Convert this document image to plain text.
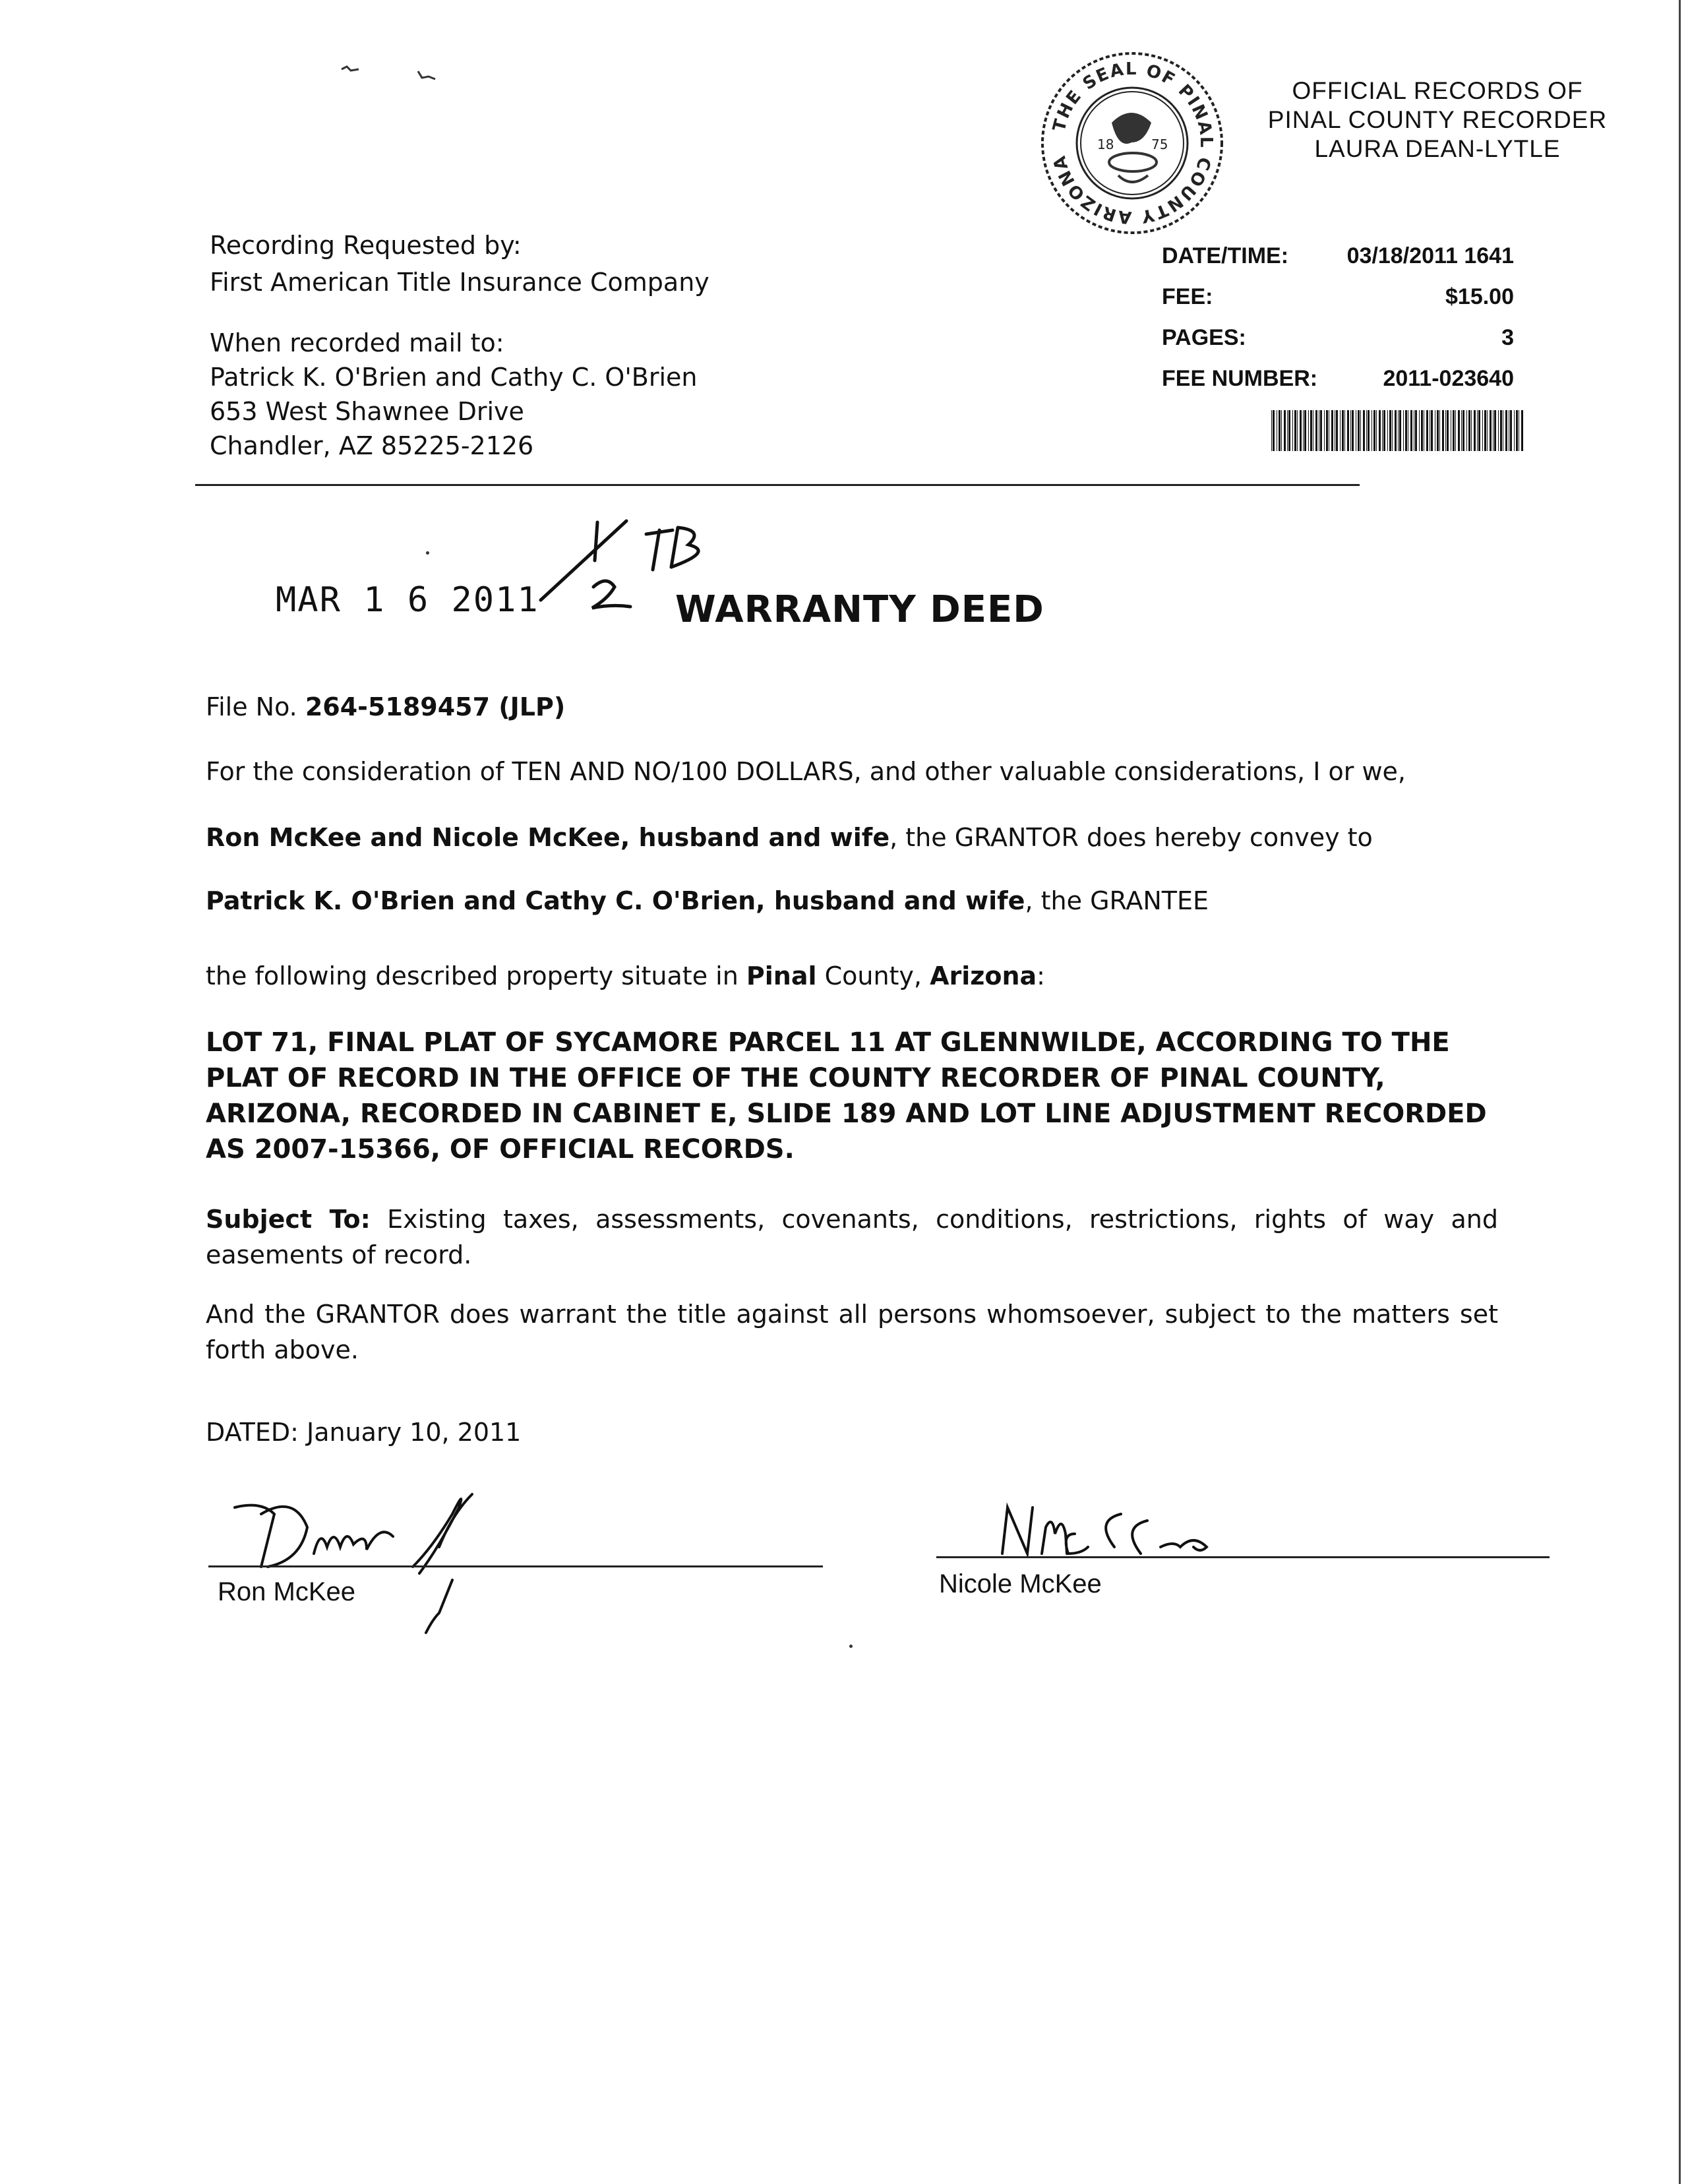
THE SEAL OF PINAL COUNTY ARIZONA
18	75
OFFICIAL RECORDS OF
PINAL COUNTY RECORDER
LAURA DEAN-LYTLE
Recording Requested by:
First American Title Insurance Company
When recorded mail to:
Patrick K. O'Brien and Cathy C. O'Brien
653 West Shawnee Drive
Chandler, AZ 85225-2126
DATE/TIME:	03/18/2011 1641
FEE:	$15.00
PAGES:	3
FEE NUMBER:	2011-023640
MAR 1 6 2011	WARRANTY DEED
File No. 264-5189457 (JLP)
For the consideration of TEN AND NO/100 DOLLARS, and other valuable considerations, I or we,
Ron McKee and Nicole McKee, husband and wife, the GRANTOR does hereby convey to
Patrick K. O'Brien and Cathy C. O'Brien, husband and wife, the GRANTEE
the following described property situate in Pinal County, Arizona:
LOT 71, FINAL PLAT OF SYCAMORE PARCEL 11 AT GLENNWILDE, ACCORDING TO THE PLAT OF RECORD IN THE OFFICE OF THE COUNTY RECORDER OF PINAL COUNTY, ARIZONA, RECORDED IN CABINET E, SLIDE 189 AND LOT LINE ADJUSTMENT RECORDED AS 2007-15366, OF OFFICIAL RECORDS.
Subject To: Existing taxes, assessments, covenants, conditions, restrictions, rights of way and easements of record.
And the GRANTOR does warrant the title against all persons whomsoever, subject to the matters set forth above.
DATED: January 10, 2011
Ron McKee	Nicole McKee
